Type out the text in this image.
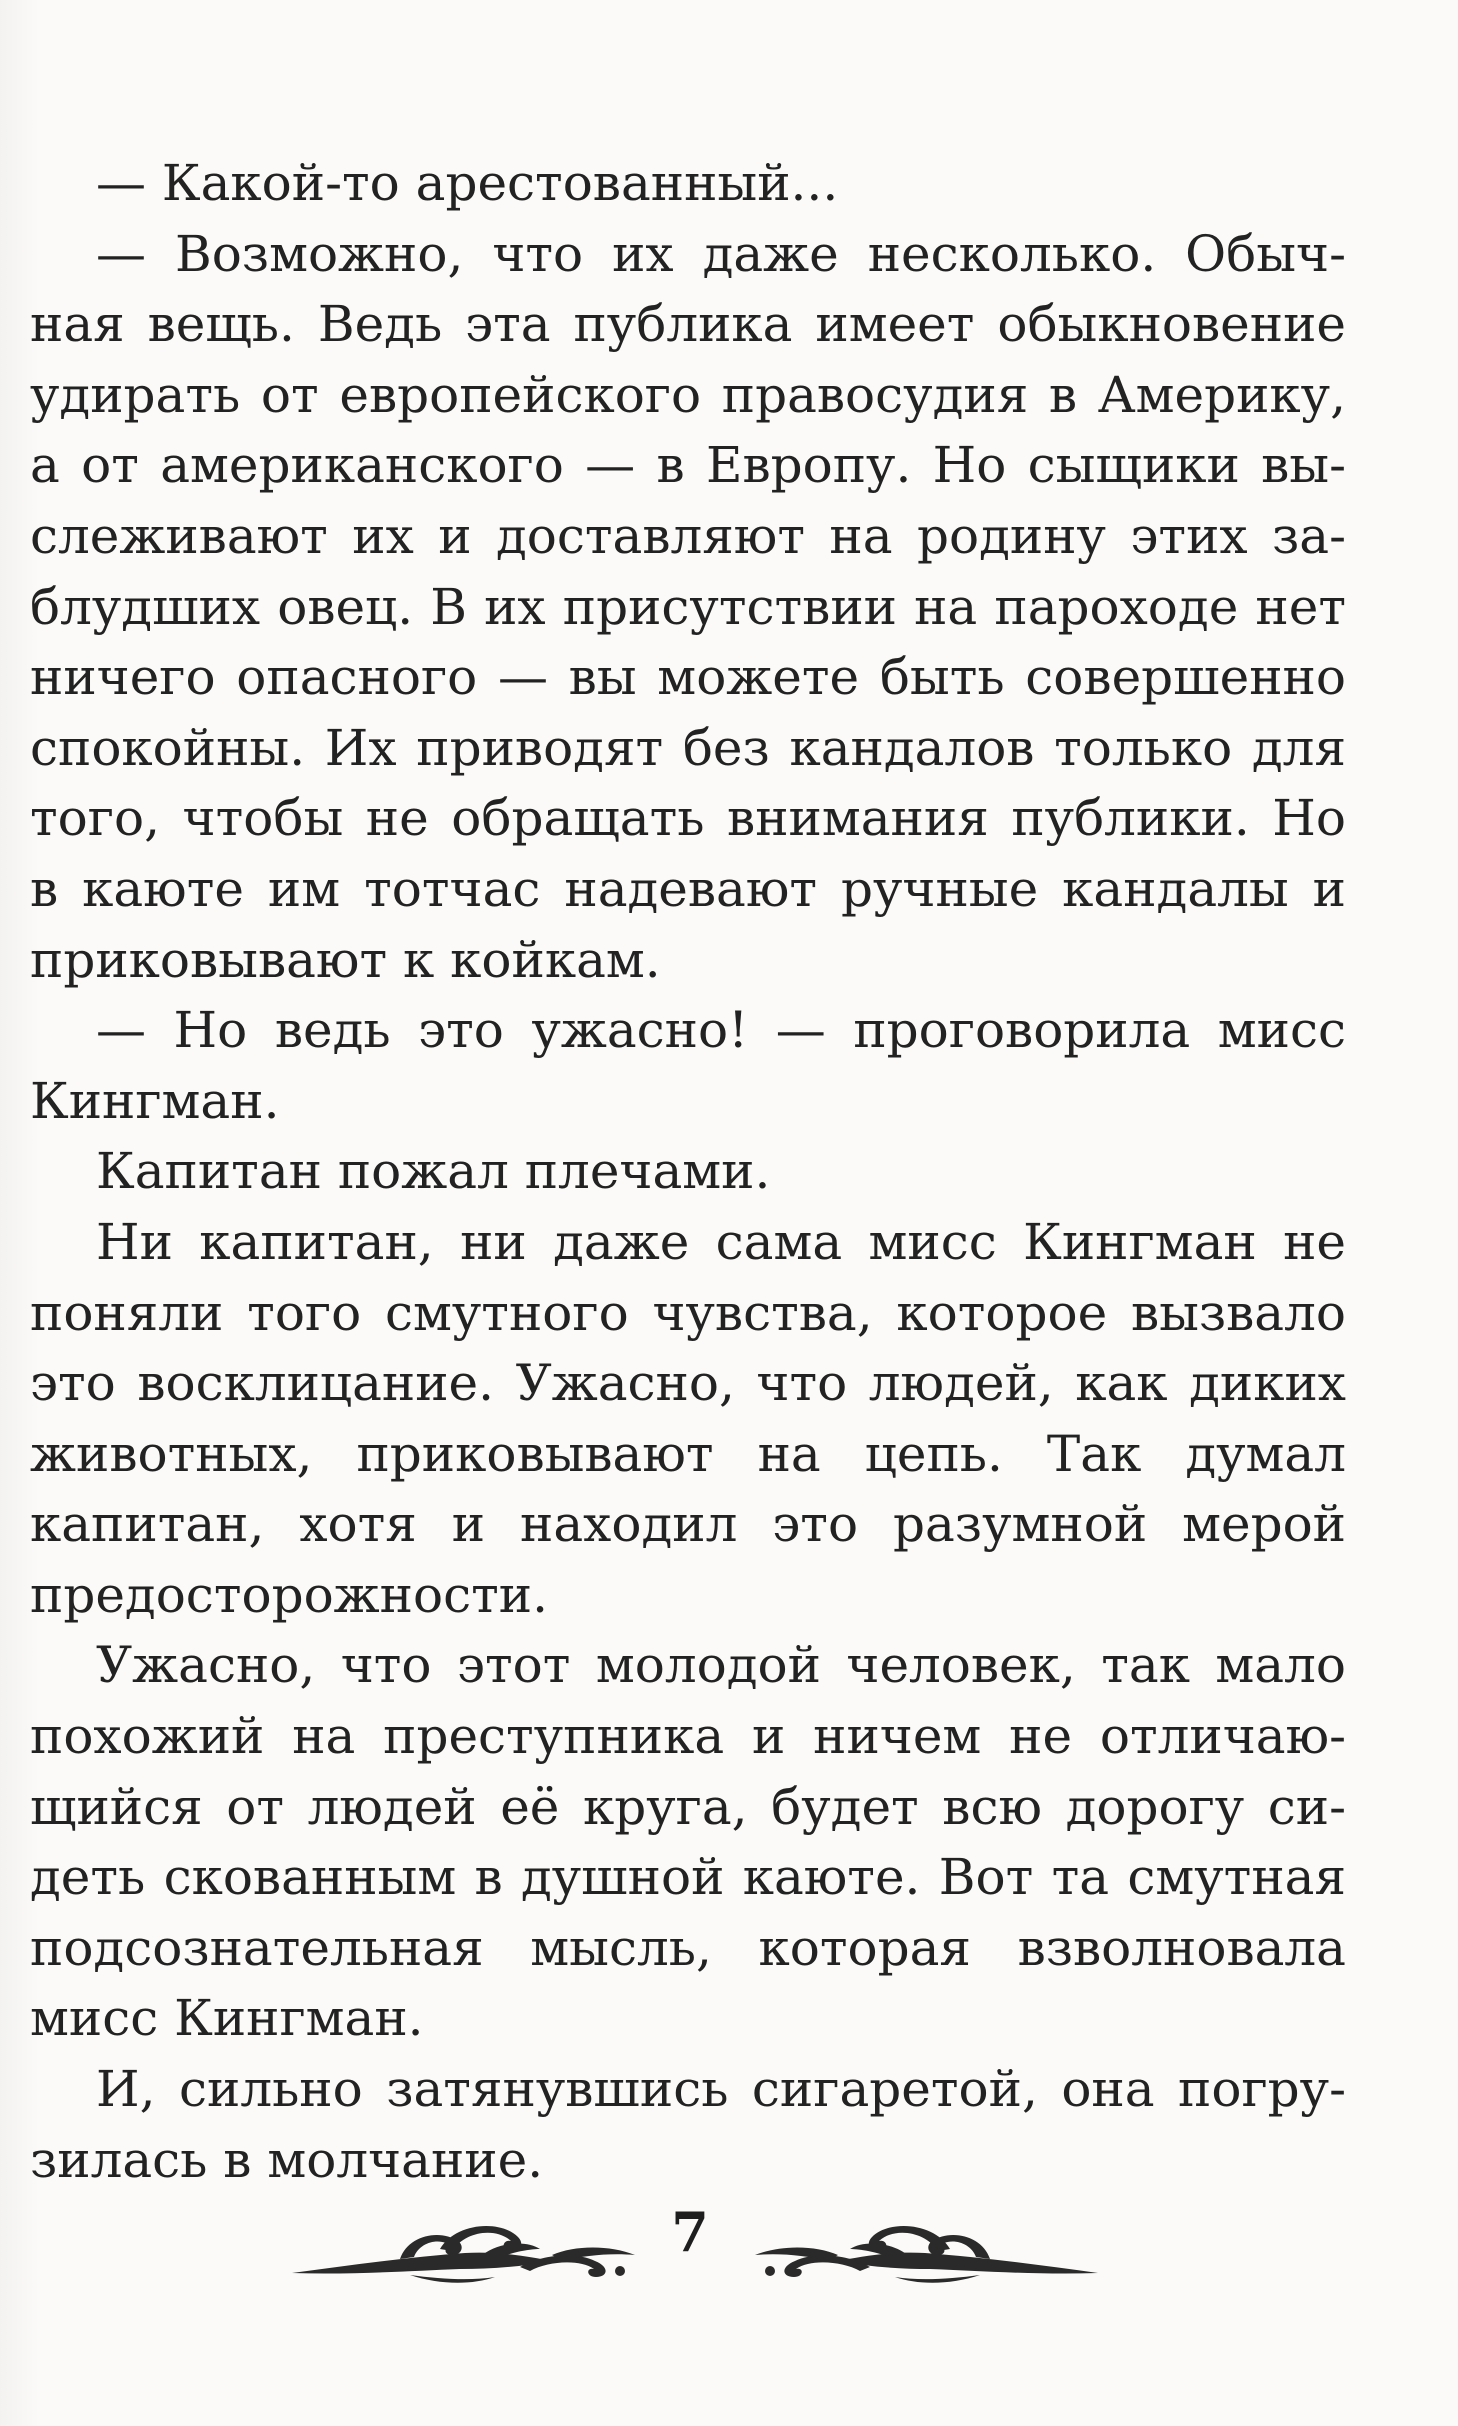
— Какой-то арестованный...
— Возможно, что их даже несколько. Обыч-
ная вещь. Ведь эта публика имеет обыкновение
удирать от европейского правосудия в Америку,
а от американского — в Европу. Но сыщики вы-
слеживают их и доставляют на родину этих за-
блудших овец. В их присутствии на пароходе нет
ничего опасного — вы можете быть совершенно
спокойны. Их приводят без кандалов только для
того, чтобы не обращать внимания публики. Но
в каюте им тотчас надевают ручные кандалы и
приковывают к койкам.
— Но ведь это ужасно! — проговорила мисс
Кингман.
Капитан пожал плечами.
Ни капитан, ни даже сама мисс Кингман не
поняли того смутного чувства, которое вызвало
это восклицание. Ужасно, что людей, как диких
животных, приковывают на цепь. Так думал
капитан, хотя и находил это разумной мерой
предосторожности.
Ужасно, что этот молодой человек, так мало
похожий на преступника и ничем не отличаю-
щийся от людей её круга, будет всю дорогу си-
деть скованным в душной каюте. Вот та смутная
подсознательная мысль, которая взволновала
мисс Кингман.
И, сильно затянувшись сигаретой, она погру-
зилась в молчание.
7
